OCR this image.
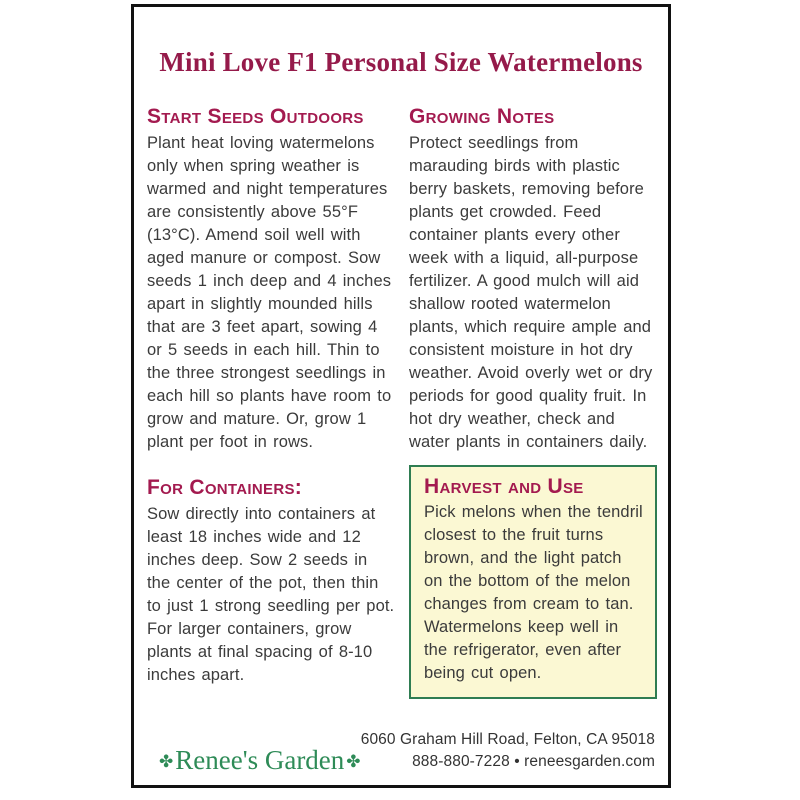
Mini Love F1 Personal Size Watermelons
Start Seeds Outdoors

Plant heat loving watermelons only when spring weather is warmed and night temperatures are consistently above 55°F (13°C). Amend soil well with aged manure or compost. Sow seeds 1 inch deep and 4 inches apart in slightly mounded hills that are 3 feet apart, sowing 4 or 5 seeds in each hill. Thin to the three strongest seedlings in each hill so plants have room to grow and mature. Or, grow 1 plant per foot in rows.

For Containers:

Sow directly into containers at least 18 inches wide and 12 inches deep. Sow 2 seeds in the center of the pot, then thin to just 1 strong seedling per pot. For larger containers, grow plants at final spacing of 8-10 inches apart.

Growing Notes

Protect seedlings from marauding birds with plastic berry baskets, removing before plants get crowded. Feed container plants every other week with a liquid, all-purpose fertilizer. A good mulch will aid shallow rooted watermelon plants, which require ample and consistent moisture in hot dry weather. Avoid overly wet or dry periods for good quality fruit. In hot dry weather, check and water plants in containers daily.

Harvest and Use

Pick melons when the tendril closest to the fruit turns brown, and the light patch on the bottom of the melon changes from cream to tan. Watermelons keep well in the refrigerator, even after being cut open.

✤Renee's Garden ✤
6060 Graham Hill Road, Felton, CA 95018
888-880-7228 • reneesgarden.com
